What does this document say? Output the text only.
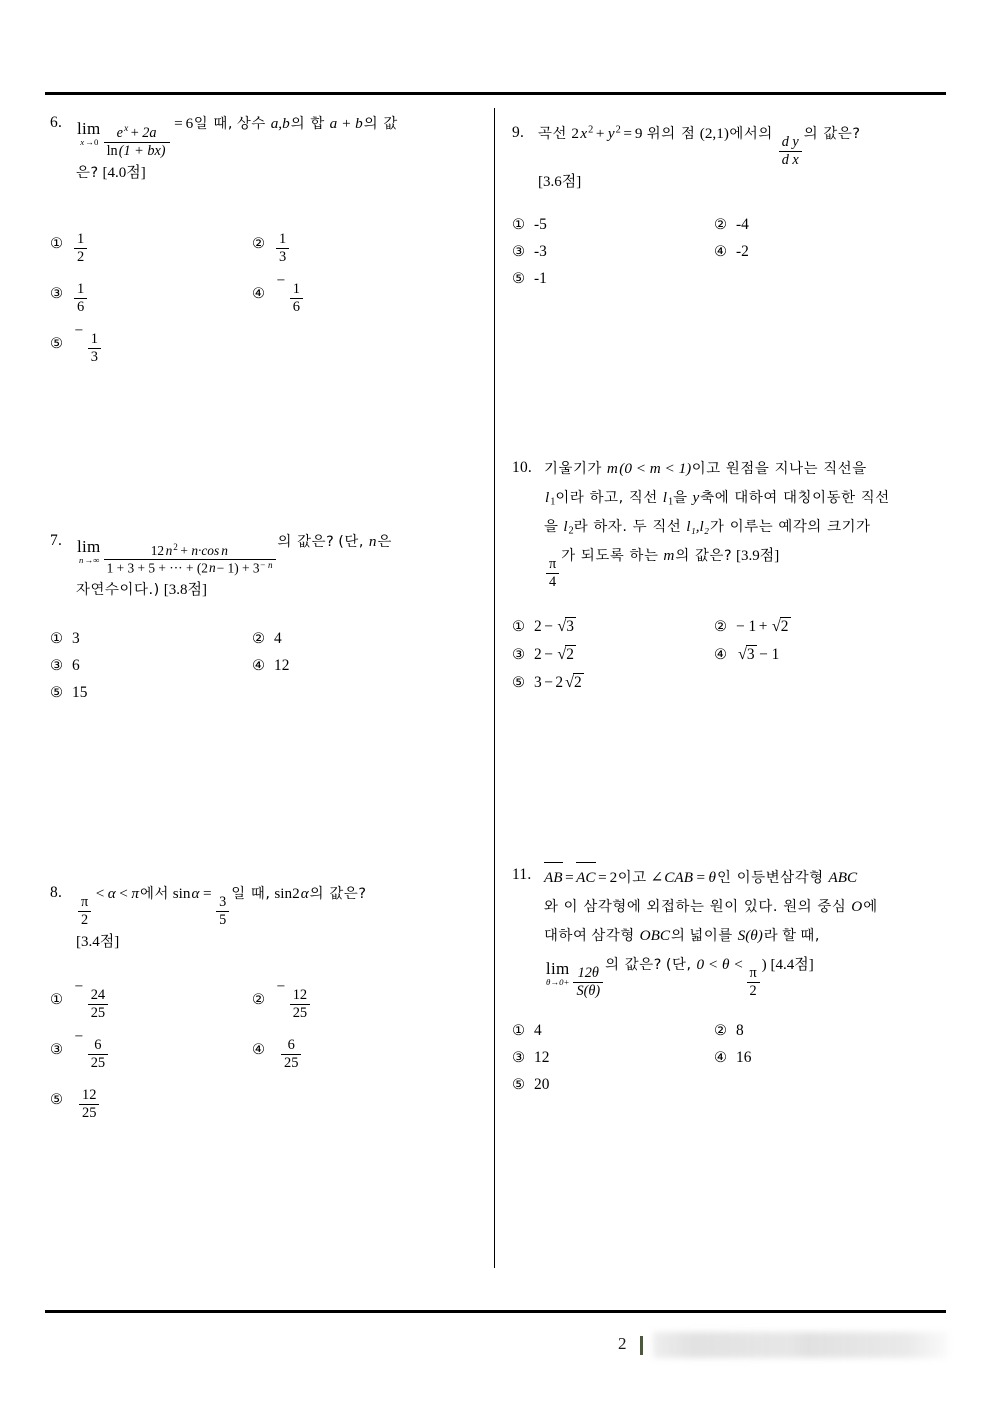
6. lim
$x\to 0 \frac{e^x + 2a}{\ln(1 + bx)}$
= 6일 때, 상수 a,b의 합 a + b의 값
은? [4.0점]
① $\frac{1}{2}$	② $\frac{1}{3}$
③ $\frac{1}{6}$	④
−
$\frac{1}{6}$
⑤
−
$\frac{1}{3}$
7. lim
$n\to\infty \frac{12 n^2 + n\cdot\cos n}{1 + 3 + 5 + \cdot\cdot\cdot + (2n- 1) + 3^{- n}}$
의 값은? (단, n은
자연수이다.) [3.8점]
① 3	② 4
③ 6	④ 12
⑤ 15
8.
$\frac{\pi}{2}$
< α < π에서 sinα =
$\frac{3}{5}$
일 때, sin2α의 값은?
[3.4점]
①
−
$\frac{24}{25}$	②
−
$\frac{12}{25}$
③
−
$\frac{6}{25}$	④ $\frac{6}{25}$
⑤ $\frac{12}{25}$
9. 곡선 $2x^2 + y^2 = 9$ 위의 점 (2,1)에서의
$\frac{\text{d y}}{\text{d x}}$
의 값은?
[3.6점]
① -5	② -4
③ -3	④ -2
⑤ -1
10. 기울기가 m(0 < m < 1)이고 원점을 지나는 직선을
$l_1$이라 하고, 직선 $l_1$을 y축에 대하여 대칭이동한 직선
을 $l_2$라 하자. 두 직선 l₁,l₂가 이루는 예각의 크기가

$\frac{\pi}{4}$
가 되도록 하는 m의 값은? [3.9점]
① 2 − √3	② − 1 + √2
③ 2 − √2	④ √3 − 1
⑤ 3 − 2 √2
11. AB = AC = 2이고 ∠CAB = θ인 이등변삼각형 ABC
와 이 삼각형에 외접하는 원이 있다. 원의 중심 O에
대하여 삼각형 OBC의 넓이를 S(θ)라 할 때,

lim
$\theta\to 0+ \frac{12\theta}{S(\theta)}$
의 값은? (단, 0 < θ <
$\frac{\pi}{2}$
) [4.4점]
① 4	② 8
③ 12	④ 16
⑤ 20
2
